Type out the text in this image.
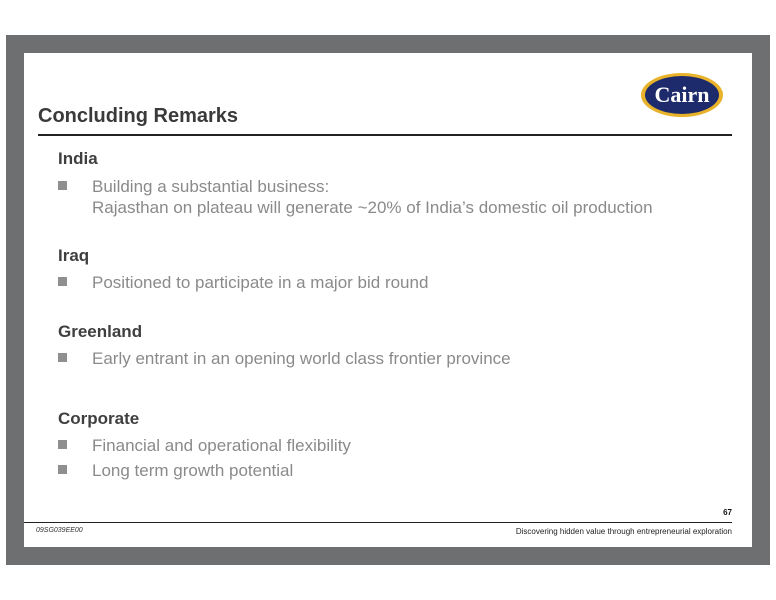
Cairn
Concluding Remarks
India
Building a substantial business:
Rajasthan on plateau will generate ~20% of India’s domestic oil production
Iraq
Positioned to participate in a major bid round
Greenland
Early entrant in an opening world class frontier province
Corporate
Financial and operational flexibility
Long term growth potential
67
09SG039EE00	Discovering hidden value through entrepreneurial exploration
